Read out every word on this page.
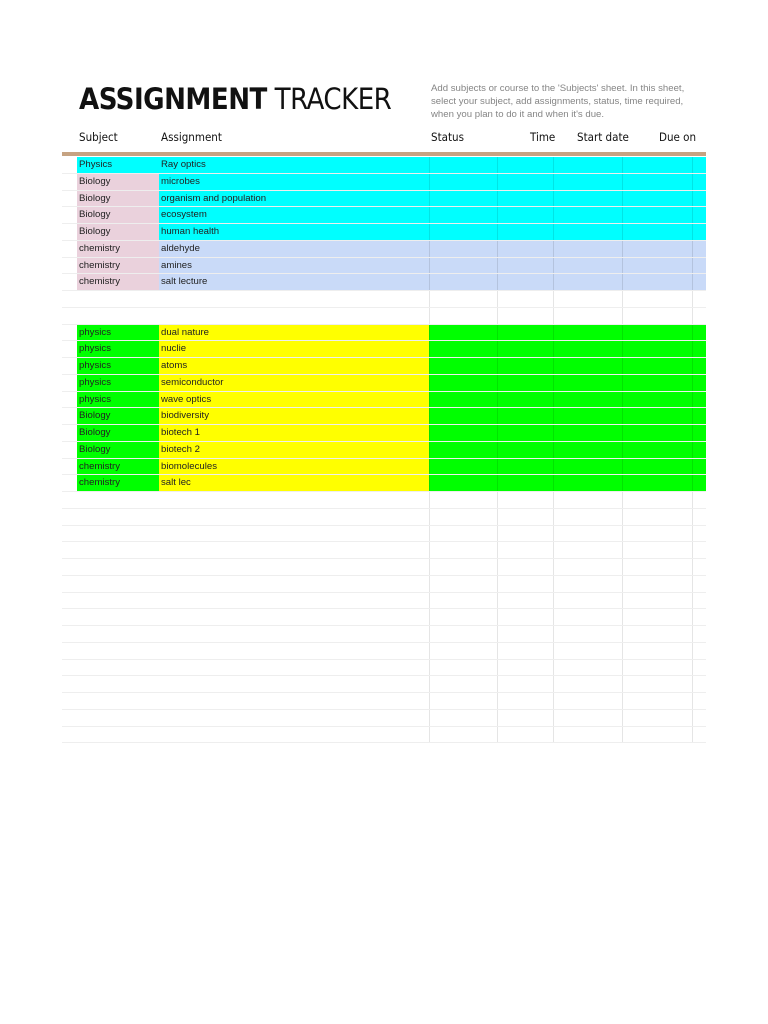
ASSIGNMENT TRACKER	Add subjects or course to the 'Subjects' sheet. In this sheet, select your subject, add assignments, status, time required, when you plan to do it and when it's due.
Subject	Assignment	Status	Time Start date	Due on
Physics	Ray optics
Biology	microbes
Biology	organism and population
Biology	ecosystem
Biology	human health
chemistry	aldehyde
chemistry	amines
chemistry	salt lecture
physics	dual nature
physics	nuclie
physics	atoms
physics	semiconductor
physics	wave optics
Biology	biodiversity
Biology	biotech 1
Biology	biotech 2
chemistry	biomolecules
chemistry	salt lec
